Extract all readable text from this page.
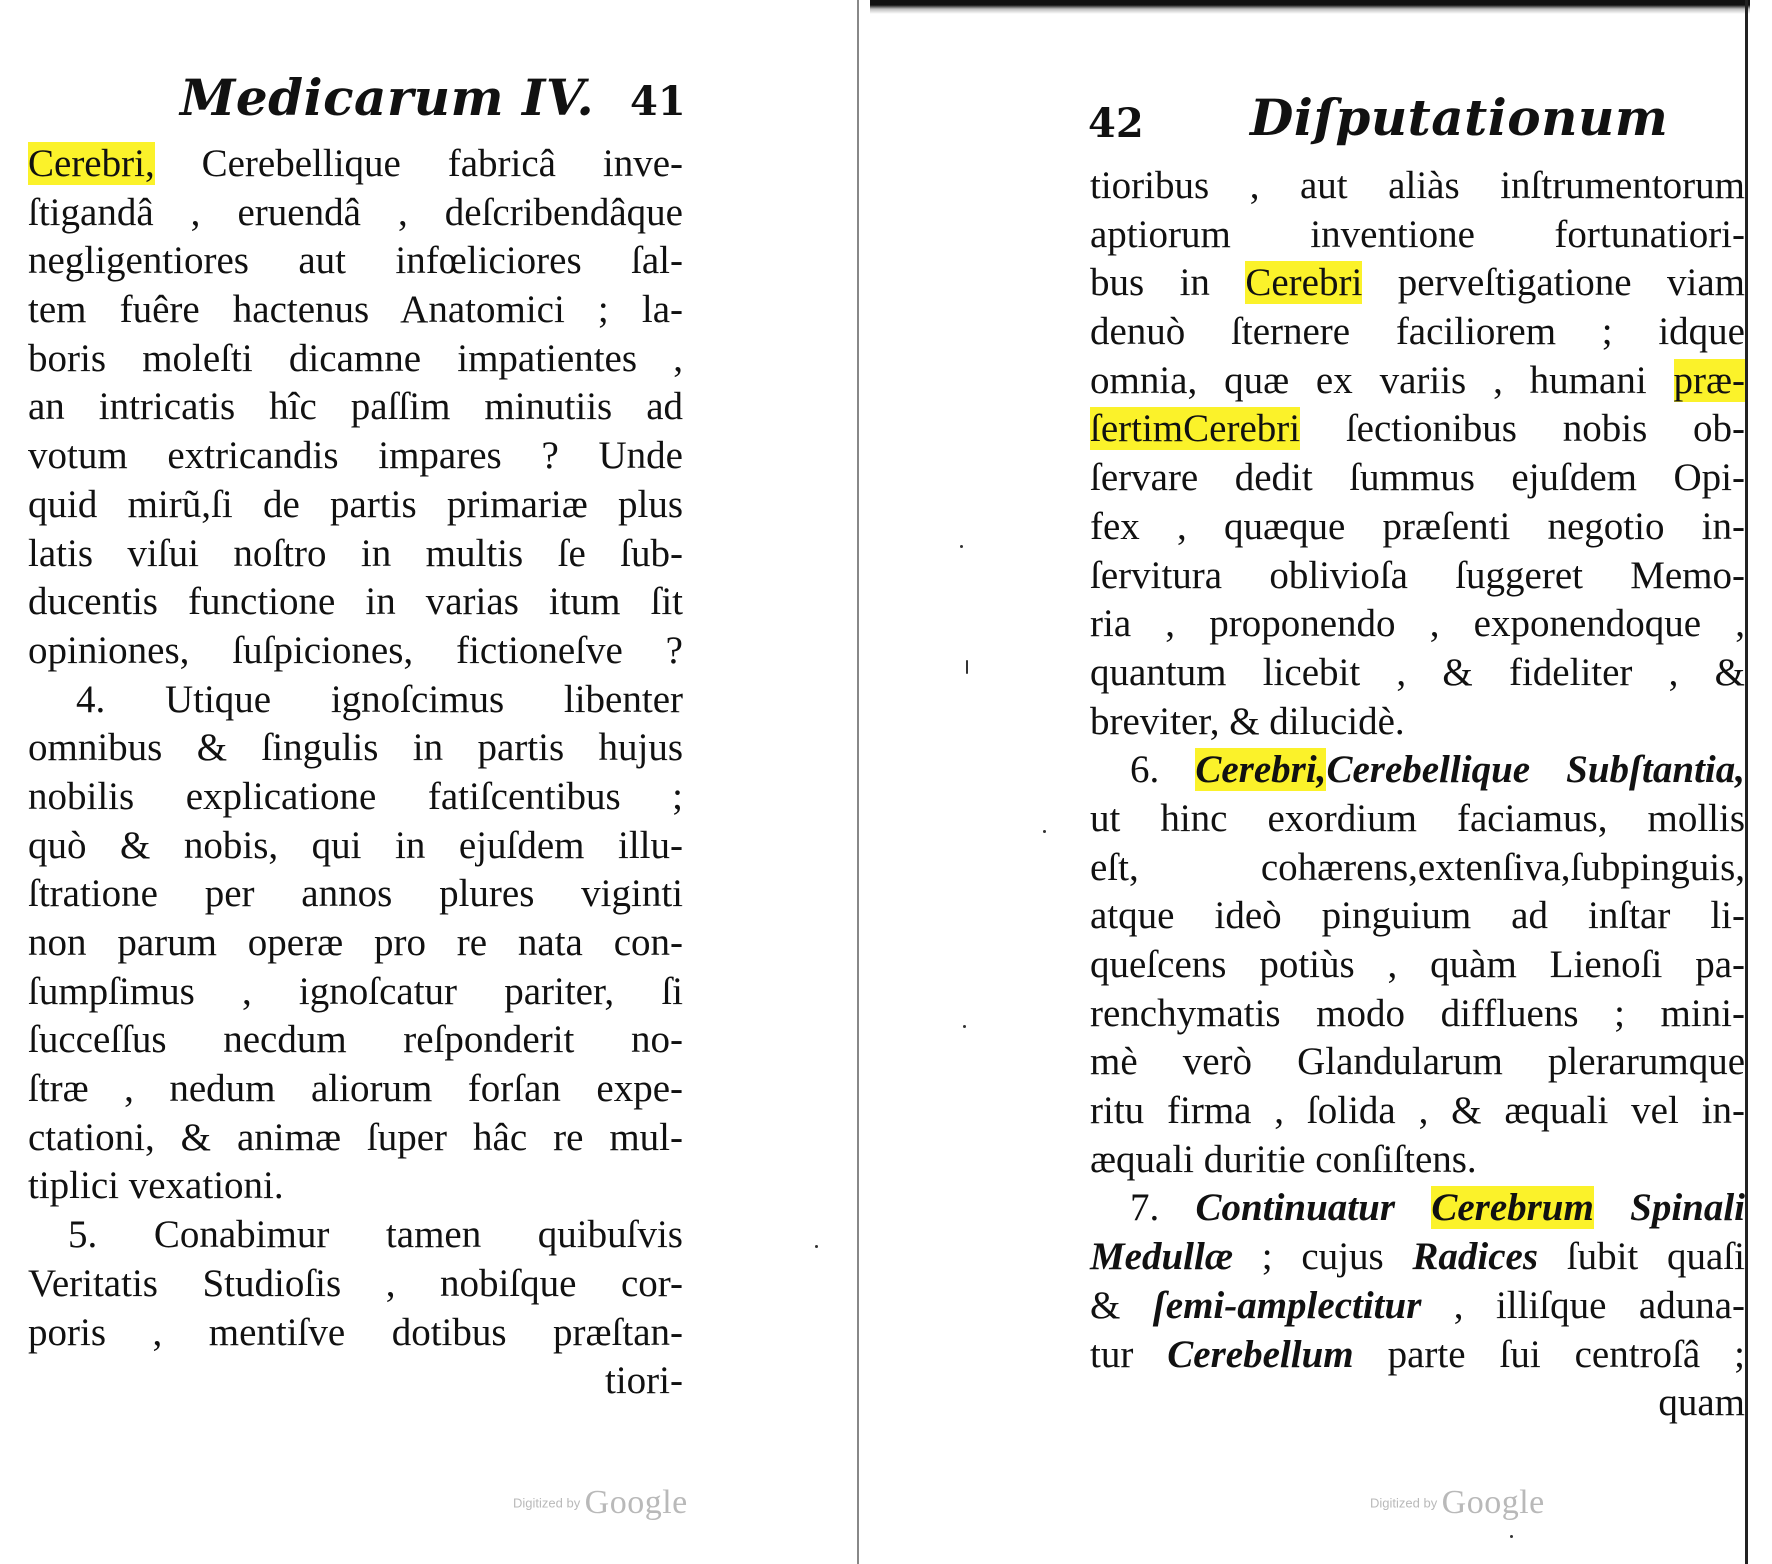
Medicarum IV. 41
Cerebri, Cerebellique fabricâ inve-
ſtigandâ , eruendâ , deſcribendâque
negligentiores aut infœliciores ſal-
tem fuêre hactenus Anatomici ; la-
boris moleſti dicamne impatientes ,
an intricatis hîc paſſim minutiis ad
votum extricandis impares ? Unde
quid mirũ,ſi de partis primariæ plus
latis viſui noſtro in multis ſe ſub-
ducentis functione in varias itum ſit
opiniones, ſuſpiciones, fictioneſve ?
4. Utique ignoſcimus libenter
omnibus & ſingulis in partis hujus
nobilis explicatione fatiſcentibus ;
quò & nobis, qui in ejuſdem illu-
ſtratione per annos plures viginti
non parum operæ pro re nata con-
ſumpſimus , ignoſcatur pariter, ſi
ſucceſſus necdum reſponderit no-
ſtræ , nedum aliorum forſan expe-
ctationi, & animæ ſuper hâc re mul-
tiplici vexationi.
5. Conabimur tamen quibuſvis
Veritatis Studioſis , nobiſque cor-
poris , mentiſve dotibus præſtan-
tiori-
Digitized by Google
42 Diſputationum
tioribus , aut aliàs inſtrumentorum
aptiorum inventione fortunatiori-
bus in Cerebri perveſtigatione viam
denuò ſternere faciliorem ; idque
omnia, quæ ex variis , humani præ-
ſertimCerebri ſectionibus nobis ob-
ſervare dedit ſummus ejuſdem Opi-
fex , quæque præſenti negotio in-
ſervitura oblivioſa ſuggeret Memo-
ria , proponendo , exponendoque ,
quantum licebit , & fideliter , &
breviter, & dilucidè.
6. Cerebri,Cerebellique Subſtantia,
ut hinc exordium faciamus, mollis
eſt, cohærens,extenſiva,ſubpinguis,
atque ideò pinguium ad inſtar li-
queſcens potiùs , quàm Lienoſi pa-
renchymatis modo diffluens ; mini-
mè verò Glandularum plerarumque
ritu firma , ſolida , & æquali vel in-
æquali duritie conſiſtens.
7. Continuatur Cerebrum Spinali
Medullæ ; cujus Radices ſubit quaſi
& ſemi-amplectitur , illiſque aduna-
tur Cerebellum parte ſui centroſâ ;
quam
Digitized by Google
